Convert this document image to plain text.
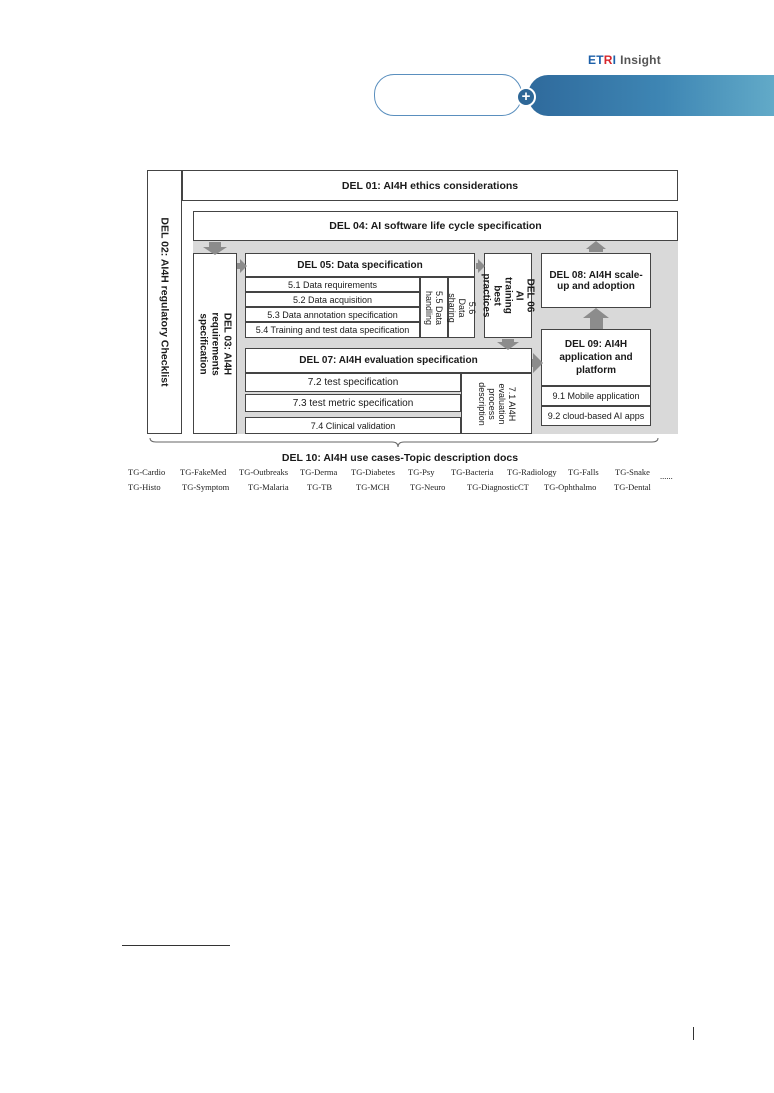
ETRI Insight
+
DEL 01: AI4H ethics considerations
DEL 02: AI4H regulatory Checklist	DEL 04: AI software life cycle specification
DEL 03: AI4H requirements specification
DEL 05: Data specification
5.1 Data requirements
5.2 Data acquisition
5.3 Data annotation specification
5.4 Training and test data specification
5.5 Data handling	5.6 Data sharing	DEL 06 AI training best practices
DEL 07: AI4H evaluation specification
7.2 test specification
7.3 test metric specification
7.4 Clinical validation
7.1 AI4H evaluation process description
DEL 08: AI4H scale-up and adoption
DEL 09: AI4H application and platform
9.1 Mobile application
9.2 cloud-based AI apps
DEL 10: AI4H use cases-Topic description docs
TG-Cardio TG-FakeMed TG-Outbreaks TG-Derma TG-Diabetes TG-Psy TG-Bacteria TG-Radiology TG-Falls TG-Snake ......
TG-Histo	TG-Symptom TG-Malaria TG-TB	TG-MCH TG-Neuro	TG-DiagnosticCT TG-Ophthalmo TG-Dental
